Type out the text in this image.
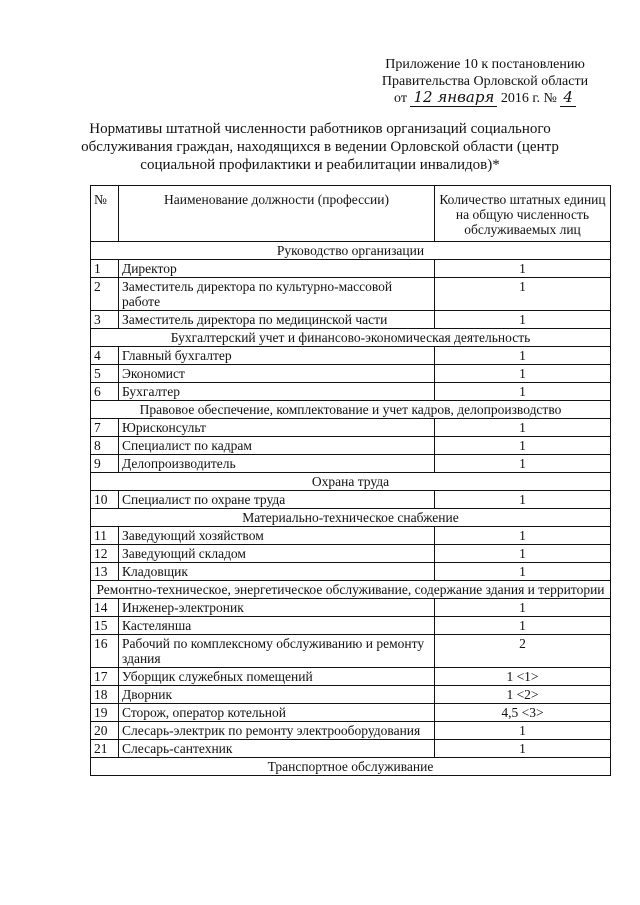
Приложение 10 к постановлению
Правительства Орловской области
от 12 января 2016 г. № 4
Нормативы штатной численности работников организаций социального
обслуживания граждан, находящихся в ведении Орловской области (центр
социальной профилактики и реабилитации инвалидов)*
№	Наименование должности (профессии)	Количество штатных единиц на общую численность обслуживаемых лиц
Руководство организации		
1	Директор	1
2	Заместитель директора по культурно-массовой работе	1
3	Заместитель директора по медицинской части	1
Бухгалтерский учет и финансово-экономическая деятельность		
4	Главный бухгалтер	1
5	Экономист	1
6	Бухгалтер	1
Правовое обеспечение, комплектование и учет кадров, делопроизводство		
7	Юрисконсульт	1
8	Специалист по кадрам	1
9	Делопроизводитель	1
Охрана труда		
10	Специалист по охране труда	1
Материально-техническое снабжение		
11	Заведующий хозяйством	1
12	Заведующий складом	1
13	Кладовщик	1
Ремонтно-техническое, энергетическое обслуживание, содержание здания и территории		
14	Инженер-электроник	1
15	Кастелянша	1
16	Рабочий по комплексному обслуживанию и ремонту здания	2
17	Уборщик служебных помещений	1 <1>
18	Дворник	1 <2>
19	Сторож, оператор котельной	4,5 <3>
20	Слесарь-электрик по ремонту электрооборудования	1
21	Слесарь-сантехник	1
Транспортное обслуживание		
